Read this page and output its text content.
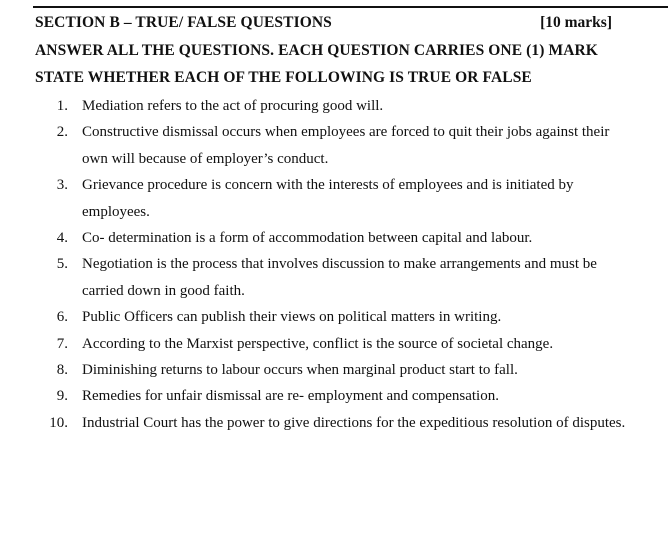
SECTION B – TRUE/ FALSE QUESTIONS	[10 marks]
ANSWER ALL THE QUESTIONS. EACH QUESTION CARRIES ONE (1) MARK
STATE WHETHER EACH OF THE FOLLOWING IS TRUE OR FALSE
1. Mediation refers to the act of procuring good will.
2. Constructive dismissal occurs when employees are forced to quit their jobs against their own will because of employer’s conduct.
3. Grievance procedure is concern with the interests of employees and is initiated by employees.
4. Co- determination is a form of accommodation between capital and labour.
5. Negotiation is the process that involves discussion to make arrangements and must be carried down in good faith.
6. Public Officers can publish their views on political matters in writing.
7. According to the Marxist perspective, conflict is the source of societal change.
8. Diminishing returns to labour occurs when marginal product start to fall.
9. Remedies for unfair dismissal are re- employment and compensation.
10. Industrial Court has the power to give directions for the expeditious resolution of disputes.
